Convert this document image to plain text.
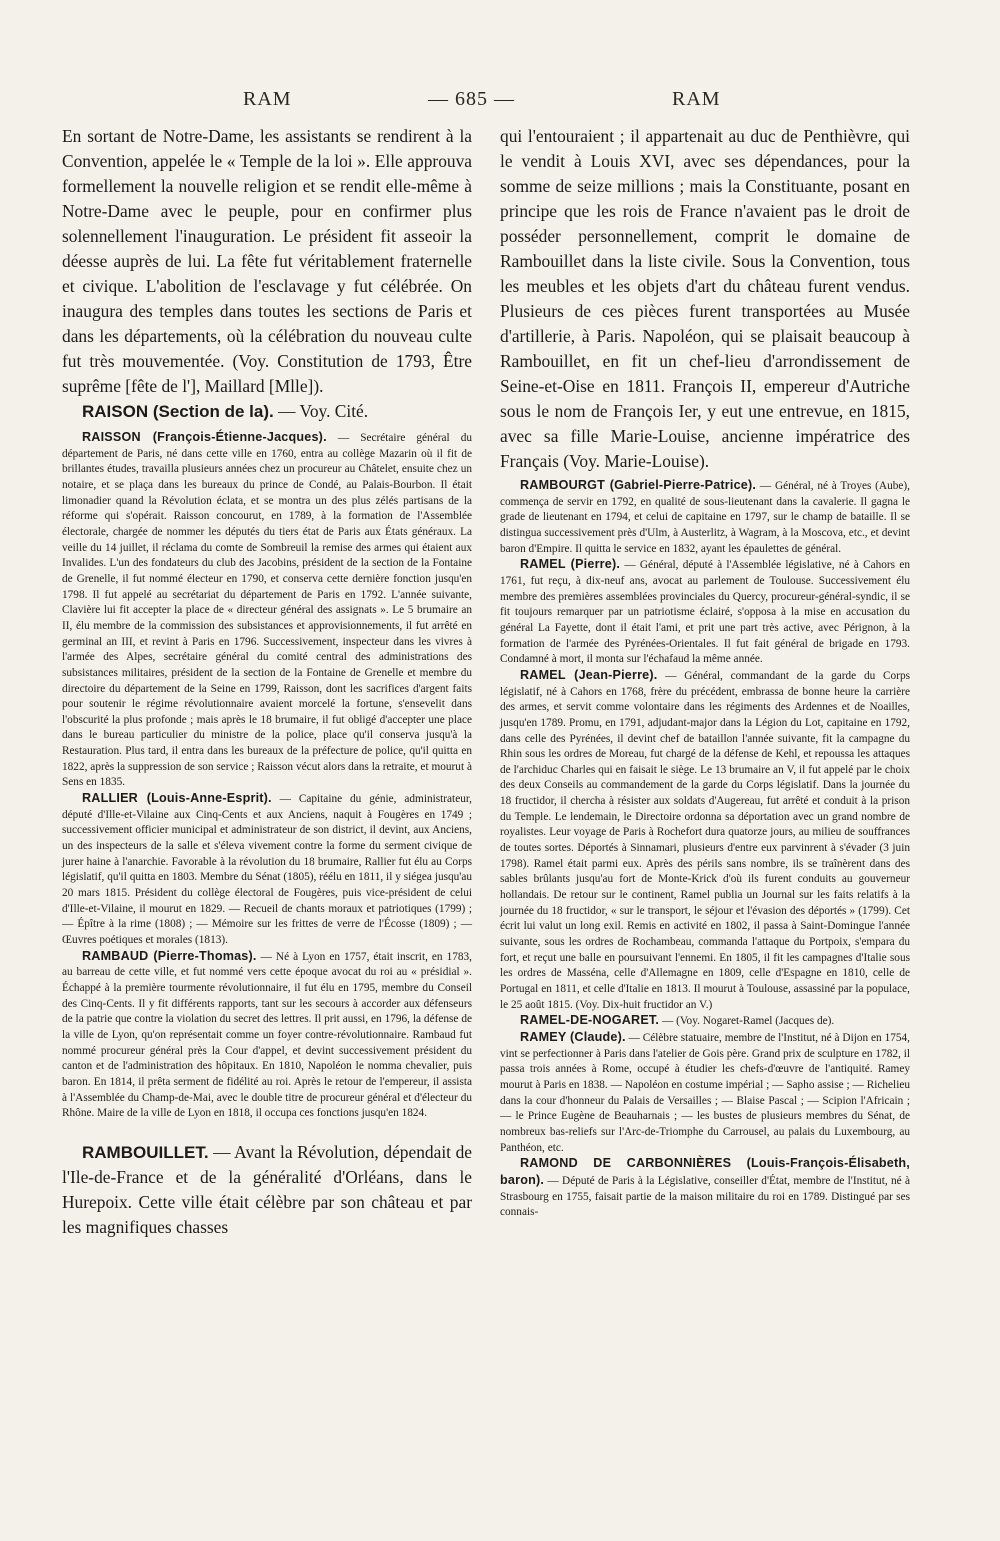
RAM	— 685 —	RAM

En sortant de Notre-Dame, les assistants se rendirent à la Convention, appelée le « Temple de la loi ». Elle approuva formellement la nouvelle religion et se rendit elle-même à Notre-Dame avec le peuple, pour en confirmer plus solennellement l'inauguration. Le président fit asseoir la déesse auprès de lui. La fête fut véritablement fraternelle et civique. L'abolition de l'esclavage y fut célébrée. On inaugura des temples dans toutes les sections de Paris et dans les départements, où la célébration du nouveau culte fut très mouvementée. (Voy. Constitution de 1793, Être suprême [fête de l'], Maillard [Mlle]).

RAISON (Section de la). — Voy. Cité.

RAISSON (François-Étienne-Jacques). — Secrétaire général du département de Paris, né dans cette ville en 1760, entra au collège Mazarin où il fit de brillantes études, travailla plusieurs années chez un procureur au Châtelet, ensuite chez un notaire, et se plaça dans les bureaux du prince de Condé, au Palais-Bourbon. Il était limonadier quand la Révolution éclata, et se montra un des plus zélés partisans de la réforme qui s'opérait. Raisson concourut, en 1789, à la formation de l'Assemblée électorale, chargée de nommer les députés du tiers état de Paris aux États généraux. La veille du 14 juillet, il réclama du comte de Sombreuil la remise des armes qui étaient aux Invalides. L'un des fondateurs du club des Jacobins, président de la section de la Fontaine de Grenelle, il fut nommé électeur en 1790, et conserva cette dernière fonction jusqu'en 1798. Il fut appelé au secrétariat du département de Paris en 1792. L'année suivante, Clavière lui fit accepter la place de « directeur général des assignats ». Le 5 brumaire an II, élu membre de la commission des subsistances et approvisionnements, il fut arrêté en germinal an III, et revint à Paris en 1796. Successivement, inspecteur dans les vivres à l'armée des Alpes, secrétaire général du comité central des administrations des subsistances militaires, président de la section de la Fontaine de Grenelle et membre du directoire du département de la Seine en 1799, Raisson, dont les sacrifices d'argent faits pour soutenir le régime révolutionnaire avaient morcelé la fortune, s'ensevelit dans l'obscurité la plus profonde ; mais après le 18 brumaire, il fut obligé d'accepter une place dans le bureau particulier du ministre de la police, place qu'il conserva jusqu'à la Restauration. Plus tard, il entra dans les bureaux de la préfecture de police, qu'il quitta en 1822, après la suppression de son service ; Raisson vécut alors dans la retraite, et mourut à Sens en 1835.

RALLIER (Louis-Anne-Esprit). — Capitaine du génie, administrateur, député d'Ille-et-Vilaine aux Cinq-Cents et aux Anciens, naquit à Fougères en 1749 ; successivement officier municipal et administrateur de son district, il devint, aux Anciens, un des inspecteurs de la salle et s'éleva vivement contre la forme du serment civique de jurer haine à l'anarchie. Favorable à la révolution du 18 brumaire, Rallier fut élu au Corps législatif, qu'il quitta en 1803. Membre du Sénat (1805), réélu en 1811, il y siégea jusqu'au 20 mars 1815. Président du collège électoral de Fougères, puis vice-président de celui d'Ille-et-Vilaine, il mourut en 1829. — Recueil de chants moraux et patriotiques (1799) ; — Épître à la rime (1808) ; — Mémoire sur les frittes de verre de l'Écosse (1809) ; — Œuvres poétiques et morales (1813).

RAMBAUD (Pierre-Thomas). — Né à Lyon en 1757, était inscrit, en 1783, au barreau de cette ville, et fut nommé vers cette époque avocat du roi au « présidial ». Échappé à la première tourmente révolutionnaire, il fut élu en 1795, membre du Conseil des Cinq-Cents. Il y fit différents rapports, tant sur les secours à accorder aux défenseurs de la patrie que contre la violation du secret des lettres. Il prit aussi, en 1796, la défense de la ville de Lyon, qu'on représentait comme un foyer contre-révolutionnaire. Rambaud fut nommé procureur général près la Cour d'appel, et devint successivement président du canton et de l'administration des hôpitaux. En 1810, Napoléon le nomma chevalier, puis baron. En 1814, il prêta serment de fidélité au roi. Après le retour de l'empereur, il assista à l'Assemblée du Champ-de-Mai, avec le double titre de procureur général et d'électeur du Rhône. Maire de la ville de Lyon en 1818, il occupa ces fonctions jusqu'en 1824.

RAMBOUILLET. — Avant la Révolution, dépendait de l'Ile-de-France et de la généralité d'Orléans, dans le Hurepoix. Cette ville était célèbre par son château et par les magnifiques chasses

qui l'entouraient ; il appartenait au duc de Penthièvre, qui le vendit à Louis XVI, avec ses dépendances, pour la somme de seize millions ; mais la Constituante, posant en principe que les rois de France n'avaient pas le droit de posséder personnellement, comprit le domaine de Rambouillet dans la liste civile. Sous la Convention, tous les meubles et les objets d'art du château furent vendus. Plusieurs de ces pièces furent transportées au Musée d'artillerie, à Paris. Napoléon, qui se plaisait beaucoup à Rambouillet, en fit un chef-lieu d'arrondissement de Seine-et-Oise en 1811. François II, empereur d'Autriche sous le nom de François Ier, y eut une entrevue, en 1815, avec sa fille Marie-Louise, ancienne impératrice des Français (Voy. Marie-Louise).

RAMBOURGT (Gabriel-Pierre-Patrice). — Général, né à Troyes (Aube), commença de servir en 1792, en qualité de sous-lieutenant dans la cavalerie. Il gagna le grade de lieutenant en 1794, et celui de capitaine en 1797, sur le champ de bataille. Il se distingua successivement près d'Ulm, à Austerlitz, à Wagram, à la Moscova, etc., et devint baron d'Empire. Il quitta le service en 1832, ayant les épaulettes de général.

RAMEL (Pierre). — Général, député à l'Assemblée législative, né à Cahors en 1761, fut reçu, à dix-neuf ans, avocat au parlement de Toulouse. Successivement élu membre des premières assemblées provinciales du Quercy, procureur-général-syndic, il se fit toujours remarquer par un patriotisme éclairé, s'opposa à la mise en accusation du général La Fayette, dont il était l'ami, et prit une part très active, avec Pérignon, à la formation de l'armée des Pyrénées-Orientales. Il fut fait général de brigade en 1793. Condamné à mort, il monta sur l'échafaud la même année.

RAMEL (Jean-Pierre). — Général, commandant de la garde du Corps législatif, né à Cahors en 1768, frère du précédent, embrassa de bonne heure la carrière des armes, et servit comme volontaire dans les régiments des Ardennes et de Noailles, jusqu'en 1789. Promu, en 1791, adjudant-major dans la Légion du Lot, capitaine en 1792, dans celle des Pyrénées, il devint chef de bataillon l'année suivante, fit la campagne du Rhin sous les ordres de Moreau, fut chargé de la défense de Kehl, et repoussa les attaques de l'archiduc Charles qui en faisait le siège. Le 13 brumaire an V, il fut appelé par le choix des deux Conseils au commandement de la garde du Corps législatif. Dans la journée du 18 fructidor, il chercha à résister aux soldats d'Augereau, fut arrêté et conduit à la prison du Temple. Le lendemain, le Directoire ordonna sa déportation avec un grand nombre de royalistes. Leur voyage de Paris à Rochefort dura quatorze jours, au milieu de souffrances de toutes sortes. Déportés à Sinnamari, plusieurs d'entre eux parvinrent à s'évader (3 juin 1798). Ramel était parmi eux. Après des périls sans nombre, ils se traînèrent dans des sables brûlants jusqu'au fort de Monte-Krick d'où ils furent conduits au gouverneur hollandais. De retour sur le continent, Ramel publia un Journal sur les faits relatifs à la journée du 18 fructidor, « sur le transport, le séjour et l'évasion des déportés » (1799). Cet écrit lui valut un long exil. Remis en activité en 1802, il passa à Saint-Domingue l'année suivante, sous les ordres de Rochambeau, commanda l'attaque du Portpoix, s'empara du fort, et reçut une balle en poursuivant l'ennemi. En 1805, il fit les campagnes d'Italie sous les ordres de Masséna, celle d'Allemagne en 1809, celle d'Espagne en 1810, celle de Portugal en 1811, et celle d'Italie en 1813. Il mourut à Toulouse, assassiné par la populace, le 25 août 1815. (Voy. Dix-huit fructidor an V.)

RAMEL-DE-NOGARET. — (Voy. Nogaret-Ramel (Jacques de).

RAMEY (Claude). — Célèbre statuaire, membre de l'Institut, né à Dijon en 1754, vint se perfectionner à Paris dans l'atelier de Gois père. Grand prix de sculpture en 1782, il passa trois années à Rome, occupé à étudier les chefs-d'œuvre de l'antiquité. Ramey mourut à Paris en 1838. — Napoléon en costume impérial ; — Sapho assise ; — Richelieu dans la cour d'honneur du Palais de Versailles ; — Blaise Pascal ; — Scipion l'Africain ; — le Prince Eugène de Beauharnais ; — les bustes de plusieurs membres du Sénat, de nombreux bas-reliefs sur l'Arc-de-Triomphe du Carrousel, au palais du Luxembourg, au Panthéon, etc.

RAMOND DE CARBONNIÈRES (Louis-François-Élisabeth, baron). — Député de Paris à la Législative, conseiller d'État, membre de l'Institut, né à Strasbourg en 1755, faisait partie de la maison militaire du roi en 1789. Distingué par ses connais-
